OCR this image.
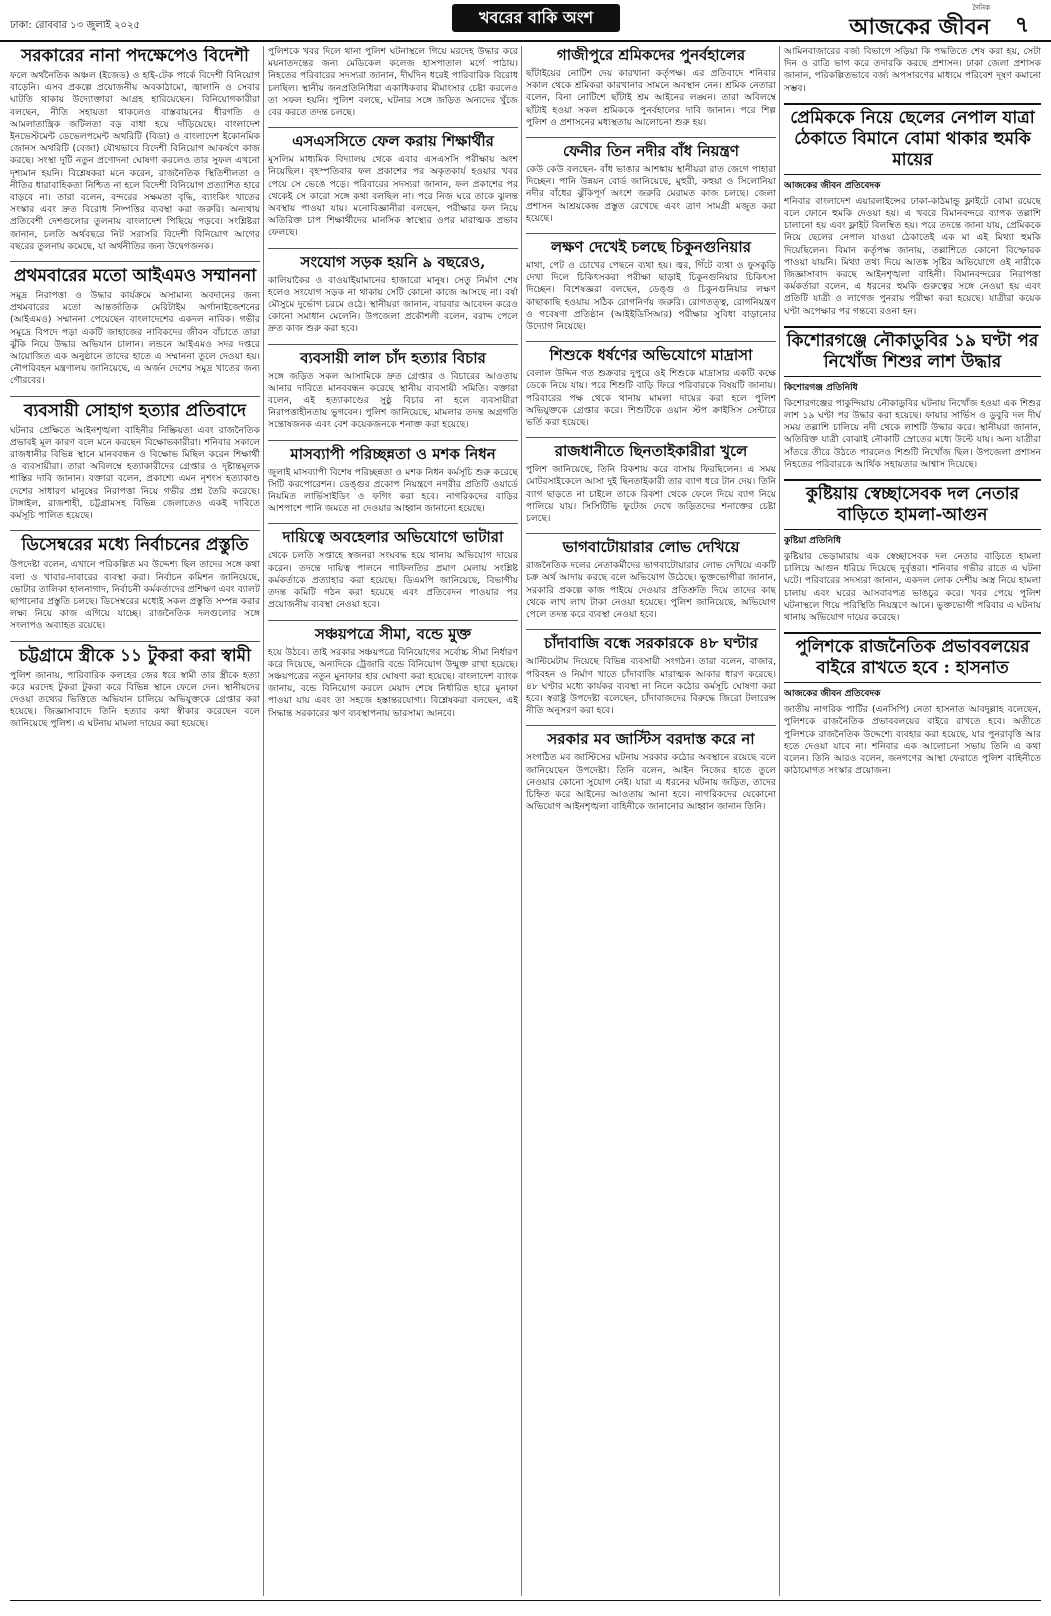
ঢাকা: রোববার ১৩ জুলাই ২০২৫	খবরের বাকি অংশ	দৈনিক
আজকের জীবন	৭
সরকারের নানা পদক্ষেপেও বিদেশী

ফলে অর্থনৈতিক অঞ্চল (ইজেড) ও হাই-টেক পার্কে বিদেশী বিনিয়োগ বাড়েনি। এসব প্রকল্পে প্রয়োজনীয় অবকাঠামো, জ্বালানি ও সেবার ঘাটতি থাকায় উদ্যোক্তারা আগ্রহ হারিয়েছেন। বিনিয়োগকারীরা বলছেন, নীতি সহায়তা থাকলেও বাস্তবায়নের ধীরগতি ও আমলাতান্ত্রিক জটিলতা বড় বাধা হয়ে দাঁড়িয়েছে। বাংলাদেশ ইনভেস্টমেন্ট ডেভেলপমেন্ট অথরিটি (বিডা) ও বাংলাদেশ ইকোনমিক জোনস অথরিটি (বেজা) যৌথভাবে বিদেশী বিনিয়োগ আকর্ষণে কাজ করছে। সংস্থা দুটি নতুন প্রণোদনা ঘোষণা করলেও তার সুফল এখনো দৃশ্যমান হয়নি। বিশ্লেষকরা মনে করেন, রাজনৈতিক স্থিতিশীলতা ও নীতির ধারাবাহিকতা নিশ্চিত না হলে বিদেশী বিনিয়োগ প্রত্যাশিত হারে বাড়বে না। তারা বলেন, বন্দরের সক্ষমতা বৃদ্ধি, ব্যাংকিং খাতের সংস্কার এবং দ্রুত বিরোধ নিষ্পত্তির ব্যবস্থা করা জরুরি। অন্যথায় প্রতিবেশী দেশগুলোর তুলনায় বাংলাদেশ পিছিয়ে পড়বে। সংশ্লিষ্টরা জানান, চলতি অর্থবছরে নিট সরাসরি বিদেশী বিনিয়োগ আগের বছরের তুলনায় কমেছে, যা অর্থনীতির জন্য উদ্বেগজনক।

প্রথমবারের মতো আইএমও সম্মাননা

সমুদ্র নিরাপত্তা ও উদ্ধার কার্যক্রমে অসামান্য অবদানের জন্য প্রথমবারের মতো আন্তর্জাতিক মেরিটাইম অর্গানাইজেশনের (আইএমও) সম্মাননা পেয়েছেন বাংলাদেশের একদল নাবিক। গভীর সমুদ্রে বিপদে পড়া একটি জাহাজের নাবিকদের জীবন বাঁচাতে তারা ঝুঁকি নিয়ে উদ্ধার অভিযান চালান। লন্ডনে আইএমও সদর দপ্তরে আয়োজিত এক অনুষ্ঠানে তাদের হাতে এ সম্মাননা তুলে দেওয়া হয়। নৌপরিবহন মন্ত্রণালয় জানিয়েছে, এ অর্জন দেশের সমুদ্র খাতের জন্য গৌরবের।

ব্যবসায়ী সোহাগ হত্যার প্রতিবাদে

ঘটনার প্রেক্ষিতে আইনশৃঙ্খলা বাহিনীর নিষ্ক্রিয়তা এবং রাজনৈতিক প্রভাবই মূল কারণ বলে মনে করছেন বিক্ষোভকারীরা। শনিবার সকালে রাজধানীর বিভিন্ন স্থানে মানববন্ধন ও বিক্ষোভ মিছিল করেন শিক্ষার্থী ও ব্যবসায়ীরা। তারা অবিলম্বে হত্যাকারীদের গ্রেপ্তার ও দৃষ্টান্তমূলক শাস্তির দাবি জানান। বক্তারা বলেন, প্রকাশ্যে এমন নৃশংস হত্যাকাণ্ড দেশের সাধারণ মানুষের নিরাপত্তা নিয়ে গভীর প্রশ্ন তৈরি করেছে। টাঙ্গাইল, রাজশাহী, চট্টগ্রামসহ বিভিন্ন জেলাতেও একই দাবিতে কর্মসূচি পালিত হয়েছে।

ডিসেম্বরের মধ্যে নির্বাচনের প্রস্তুতি

উপদেষ্টা বলেন, এখানে পরিকল্পিত মব উদ্দেশ্য ছিল তাদের সঙ্গে কথা বলা ও খাবার-দাবারের ব্যবস্থা করা। নির্বাচন কমিশন জানিয়েছে, ভোটার তালিকা হালনাগাদ, নির্বাচনী কর্মকর্তাদের প্রশিক্ষণ এবং ব্যালট ছাপানোর প্রস্তুতি চলছে। ডিসেম্বরের মধ্যেই সকল প্রস্তুতি সম্পন্ন করার লক্ষ্য নিয়ে কাজ এগিয়ে যাচ্ছে। রাজনৈতিক দলগুলোর সঙ্গে সংলাপও অব্যাহত রয়েছে।

চট্টগ্রামে স্ত্রীকে ১১ টুকরা করা স্বামী

পুলিশ জানায়, পারিবারিক কলহের জের ধরে স্বামী তার স্ত্রীকে হত্যা করে মরদেহ টুকরা টুকরা করে বিভিন্ন স্থানে ফেলে দেন। স্থানীয়দের দেওয়া তথ্যের ভিত্তিতে অভিযান চালিয়ে অভিযুক্তকে গ্রেপ্তার করা হয়েছে। জিজ্ঞাসাবাদে তিনি হত্যার কথা স্বীকার করেছেন বলে জানিয়েছে পুলিশ। এ ঘটনায় মামলা দায়ের করা হয়েছে।

পুলিশকে খবর দিলে থানা পুলিশ ঘটনাস্থলে গিয়ে মরদেহ উদ্ধার করে ময়নাতদন্তের জন্য মেডিকেল কলেজ হাসপাতাল মর্গে পাঠায়। নিহতের পরিবারের সদস্যরা জানান, দীর্ঘদিন ধরেই পারিবারিক বিরোধ চলছিল। স্থানীয় জনপ্রতিনিধিরা একাধিকবার মীমাংসার চেষ্টা করলেও তা সফল হয়নি। পুলিশ বলছে, ঘটনার সঙ্গে জড়িত অন্যদের খুঁজে বের করতে তদন্ত চলছে।

এসএসসিতে ফেল করায় শিক্ষার্থীর

মুসলিম মাধ্যমিক বিদ্যালয় থেকে এবার এসএসসি পরীক্ষায় অংশ নিয়েছিল। বৃহস্পতিবার ফল প্রকাশের পর অকৃতকার্য হওয়ার খবর পেয়ে সে ভেঙে পড়ে। পরিবারের সদস্যরা জানান, ফল প্রকাশের পর থেকেই সে কারো সঙ্গে কথা বলছিল না। পরে নিজ ঘরে তাকে ঝুলন্ত অবস্থায় পাওয়া যায়। মনোবিজ্ঞানীরা বলছেন, পরীক্ষার ফল নিয়ে অতিরিক্ত চাপ শিক্ষার্থীদের মানসিক স্বাস্থ্যের ওপর মারাত্মক প্রভাব ফেলছে।

সংযোগ সড়ক হয়নি ৯ বছরেও,

কালিয়াকৈর ও বাওয়াইয়ামানের হাজারো মানুষ। সেতু নির্মাণ শেষ হলেও সংযোগ সড়ক না থাকায় সেটি কোনো কাজে আসছে না। বর্ষা মৌসুমে দুর্ভোগ চরমে ওঠে। স্থানীয়রা জানান, বারবার আবেদন করেও কোনো সমাধান মেলেনি। উপজেলা প্রকৌশলী বলেন, বরাদ্দ পেলে দ্রুত কাজ শুরু করা হবে।

ব্যবসায়ী লাল চাঁদ হত্যার বিচার

সঙ্গে জড়িত সকল আসামিকে দ্রুত গ্রেপ্তার ও বিচারের আওতায় আনার দাবিতে মানববন্ধন করেছে স্থানীয় ব্যবসায়ী সমিতি। বক্তারা বলেন, এই হত্যাকাণ্ডের সুষ্ঠু বিচার না হলে ব্যবসায়ীরা নিরাপত্তাহীনতায় ভুগবেন। পুলিশ জানিয়েছে, মামলার তদন্ত অগ্রগতি সন্তোষজনক এবং বেশ কয়েকজনকে শনাক্ত করা হয়েছে।

মাসব্যাপী পরিচ্ছন্নতা ও মশক নিধন

জুলাই মাসব্যাপী বিশেষ পরিচ্ছন্নতা ও মশক নিধন কর্মসূচি শুরু করেছে সিটি করপোরেশন। ডেঙ্গুর প্রকোপ নিয়ন্ত্রণে নগরীর প্রতিটি ওয়ার্ডে নিয়মিত লার্ভিসাইডিং ও ফগিং করা হবে। নাগরিকদের বাড়ির আশপাশে পানি জমতে না দেওয়ার আহ্বান জানানো হয়েছে।

দায়িত্বে অবহেলার অভিযোগে ভাটারা

থেকে চলতি সপ্তাহে স্বজনরা সংঘবদ্ধ হয়ে থানায় অভিযোগ দায়ের করেন। তদন্তে দায়িত্ব পালনে গাফিলতির প্রমাণ মেলায় সংশ্লিষ্ট কর্মকর্তাকে প্রত্যাহার করা হয়েছে। ডিএমপি জানিয়েছে, বিভাগীয় তদন্ত কমিটি গঠন করা হয়েছে এবং প্রতিবেদন পাওয়ার পর প্রয়োজনীয় ব্যবস্থা নেওয়া হবে।

সঞ্চয়পত্রে সীমা, বন্ডে মুক্ত

হয়ে উঠবে। তাই সরকার সঞ্চয়পত্রে বিনিয়োগের সর্বোচ্চ সীমা নির্ধারণ করে দিয়েছে, অন্যদিকে ট্রেজারি বন্ডে বিনিয়োগ উন্মুক্ত রাখা হয়েছে। সঞ্চয়পত্রের নতুন মুনাফার হার ঘোষণা করা হয়েছে। বাংলাদেশ ব্যাংক জানায়, বন্ডে বিনিয়োগ করলে মেয়াদ শেষে নির্ধারিত হারে মুনাফা পাওয়া যায় এবং তা সহজে হস্তান্তরযোগ্য। বিশ্লেষকরা বলছেন, এই সিদ্ধান্ত সরকারের ঋণ ব্যবস্থাপনায় ভারসাম্য আনবে।

গাজীপুরে শ্রমিকদের পুনর্বহালের

ছাঁটাইয়ের নোটিশ দেয় কারখানা কর্তৃপক্ষ। এর প্রতিবাদে শনিবার সকাল থেকে শ্রমিকরা কারখানার সামনে অবস্থান নেন। শ্রমিক নেতারা বলেন, বিনা নোটিশে ছাঁটাই শ্রম আইনের লঙ্ঘন। তারা অবিলম্বে ছাঁটাই হওয়া সকল শ্রমিককে পুনর্বহালের দাবি জানান। পরে শিল্প পুলিশ ও প্রশাসনের মধ্যস্থতায় আলোচনা শুরু হয়।

ফেনীর তিন নদীর বাঁধ নিয়ন্ত্রণ

কেউ কেউ বলছেন- বাঁধ ভাঙার আশঙ্কায় স্থানীয়রা রাত জেগে পাহারা দিচ্ছেন। পানি উন্নয়ন বোর্ড জানিয়েছে, মুহুরী, কহুয়া ও সিলোনিয়া নদীর বাঁধের ঝুঁকিপূর্ণ অংশে জরুরি মেরামত কাজ চলছে। জেলা প্রশাসন আশ্রয়কেন্দ্র প্রস্তুত রেখেছে এবং ত্রাণ সামগ্রী মজুত করা হয়েছে।

লক্ষণ দেখেই চলছে চিকুনগুনিয়ার

মাথা, পেট ও চোখের পেছনে ব্যথা হয়। জ্বর, গিঁটে ব্যথা ও ফুসকুড়ি দেখা দিলে চিকিৎসকরা পরীক্ষা ছাড়াই চিকুনগুনিয়ার চিকিৎসা দিচ্ছেন। বিশেষজ্ঞরা বলছেন, ডেঙ্গু ও চিকুনগুনিয়ার লক্ষণ কাছাকাছি হওয়ায় সঠিক রোগনির্ণয় জরুরি। রোগতত্ত্ব, রোগনিয়ন্ত্রণ ও গবেষণা প্রতিষ্ঠান (আইইডিসিআর) পরীক্ষার সুবিধা বাড়ানোর উদ্যোগ নিয়েছে।

শিশুকে ধর্ষণের অভিযোগে মাদ্রাসা

বেলাল উদ্দিন গত শুক্রবার দুপুরে ওই শিশুকে মাদ্রাসার একটি কক্ষে ডেকে নিয়ে যায়। পরে শিশুটি বাড়ি ফিরে পরিবারকে বিষয়টি জানায়। পরিবারের পক্ষ থেকে থানায় মামলা দায়ের করা হলে পুলিশ অভিযুক্তকে গ্রেপ্তার করে। শিশুটিকে ওয়ান স্টপ ক্রাইসিস সেন্টারে ভর্তি করা হয়েছে।

রাজধানীতে ছিনতাইকারীরা খুলে

পুলিশ জানিয়েছে, তিনি রিকশায় করে বাসায় ফিরছিলেন। এ সময় মোটরসাইকেলে আসা দুই ছিনতাইকারী তার ব্যাগ ধরে টান দেয়। তিনি ব্যাগ ছাড়তে না চাইলে তাকে রিকশা থেকে ফেলে দিয়ে ব্যাগ নিয়ে পালিয়ে যায়। সিসিটিভি ফুটেজ দেখে জড়িতদের শনাক্তের চেষ্টা চলছে।

ভাগবাটোয়ারার লোভ দেখিয়ে

রাজনৈতিক দলের নেতাকর্মীদের ভাগবাটোয়ারার লোভ দেখিয়ে একটি চক্র অর্থ আদায় করছে বলে অভিযোগ উঠেছে। ভুক্তভোগীরা জানান, সরকারি প্রকল্পে কাজ পাইয়ে দেওয়ার প্রতিশ্রুতি দিয়ে তাদের কাছ থেকে লাখ লাখ টাকা নেওয়া হয়েছে। পুলিশ জানিয়েছে, অভিযোগ পেলে তদন্ত করে ব্যবস্থা নেওয়া হবে।

চাঁদাবাজি বন্ধে সরকারকে ৪৮ ঘণ্টার

আল্টিমেটাম দিয়েছে বিভিন্ন ব্যবসায়ী সংগঠন। তারা বলেন, বাজার, পরিবহন ও নির্মাণ খাতে চাঁদাবাজি মারাত্মক আকার ধারণ করেছে। ৪৮ ঘণ্টার মধ্যে কার্যকর ব্যবস্থা না নিলে কঠোর কর্মসূচি ঘোষণা করা হবে। স্বরাষ্ট্র উপদেষ্টা বলেছেন, চাঁদাবাজদের বিরুদ্ধে জিরো টলারেন্স নীতি অনুসরণ করা হবে।

সরকার মব জাস্টিস বরদাস্ত করে না

সংগঠিত মব জাস্টিসের ঘটনায় সরকার কঠোর অবস্থানে রয়েছে বলে জানিয়েছেন উপদেষ্টা। তিনি বলেন, আইন নিজের হাতে তুলে নেওয়ার কোনো সুযোগ নেই। যারা এ ধরনের ঘটনায় জড়িত, তাদের চিহ্নিত করে আইনের আওতায় আনা হবে। নাগরিকদের যেকোনো অভিযোগ আইনশৃঙ্খলা বাহিনীকে জানানোর আহ্বান জানান তিনি।

আমিনবাজারের বর্জ্য বিভাগে সড়িয়া কি পদ্ধতিতে শেষ করা হয়, সেটা দিন ও রাত্রি ভাগ করে তদারকি করছে প্রশাসন। ঢাকা জেলা প্রশাসক জানান, পরিকল্পিতভাবে বর্জ্য অপসারণের মাধ্যমে পরিবেশ দূষণ কমানো সম্ভব।

প্রেমিককে নিয়ে ছেলের নেপাল যাত্রা ঠেকাতে বিমানে বোমা থাকার হুমকি মায়ের
আজকের জীবন প্রতিবেদক

শনিবার বাংলাদেশ এয়ারলাইন্সের ঢাকা-কাঠমান্ডু ফ্লাইটে বোমা রয়েছে বলে ফোনে হুমকি দেওয়া হয়। এ খবরে বিমানবন্দরে ব্যাপক তল্লাশি চালানো হয় এবং ফ্লাইট বিলম্বিত হয়। পরে তদন্তে জানা যায়, প্রেমিককে নিয়ে ছেলের নেপাল যাওয়া ঠেকাতেই এক মা এই মিথ্যা হুমকি দিয়েছিলেন। বিমান কর্তৃপক্ষ জানায়, তল্লাশিতে কোনো বিস্ফোরক পাওয়া যায়নি। মিথ্যা তথ্য দিয়ে আতঙ্ক সৃষ্টির অভিযোগে ওই নারীকে জিজ্ঞাসাবাদ করছে আইনশৃঙ্খলা বাহিনী। বিমানবন্দরের নিরাপত্তা কর্মকর্তারা বলেন, এ ধরনের হুমকি গুরুত্বের সঙ্গে নেওয়া হয় এবং প্রতিটি যাত্রী ও লাগেজ পুনরায় পরীক্ষা করা হয়েছে। যাত্রীরা কয়েক ঘণ্টা অপেক্ষার পর গন্তব্যে রওনা হন।

কিশোরগঞ্জে নৌকাডুবির ১৯ ঘণ্টা পর নিখোঁজ শিশুর লাশ উদ্ধার
কিশোরগঞ্জ প্রতিনিধি

কিশোরগঞ্জের পাকুন্দিয়ায় নৌকাডুবির ঘটনায় নিখোঁজ হওয়া এক শিশুর লাশ ১৯ ঘণ্টা পর উদ্ধার করা হয়েছে। ফায়ার সার্ভিস ও ডুবুরি দল দীর্ঘ সময় তল্লাশি চালিয়ে নদী থেকে লাশটি উদ্ধার করে। স্থানীয়রা জানান, অতিরিক্ত যাত্রী বোঝাই নৌকাটি স্রোতের মধ্যে উল্টে যায়। অন্য যাত্রীরা সাঁতরে তীরে উঠতে পারলেও শিশুটি নিখোঁজ ছিল। উপজেলা প্রশাসন নিহতের পরিবারকে আর্থিক সহায়তার আশ্বাস দিয়েছে।

কুষ্টিয়ায় স্বেচ্ছাসেবক দল নেতার বাড়িতে হামলা-আগুন
কুষ্টিয়া প্রতিনিধি

কুষ্টিয়ার ভেড়ামারায় এক স্বেচ্ছাসেবক দল নেতার বাড়িতে হামলা চালিয়ে আগুন ধরিয়ে দিয়েছে দুর্বৃত্তরা। শনিবার গভীর রাতে এ ঘটনা ঘটে। পরিবারের সদস্যরা জানান, একদল লোক দেশীয় অস্ত্র নিয়ে হামলা চালায় এবং ঘরের আসবাবপত্র ভাঙচুর করে। খবর পেয়ে পুলিশ ঘটনাস্থলে গিয়ে পরিস্থিতি নিয়ন্ত্রণে আনে। ভুক্তভোগী পরিবার এ ঘটনায় থানায় অভিযোগ দায়ের করেছে।

পুলিশকে রাজনৈতিক প্রভাববলয়ের বাইরে রাখতে হবে : হাসনাত
আজকের জীবন প্রতিবেদক

জাতীয় নাগরিক পার্টির (এনসিপি) নেতা হাসনাত আবদুল্লাহ বলেছেন, পুলিশকে রাজনৈতিক প্রভাববলয়ের বাইরে রাখতে হবে। অতীতে পুলিশকে রাজনৈতিক উদ্দেশ্যে ব্যবহার করা হয়েছে, যার পুনরাবৃত্তি আর হতে দেওয়া যাবে না। শনিবার এক আলোচনা সভায় তিনি এ কথা বলেন। তিনি আরও বলেন, জনগণের আস্থা ফেরাতে পুলিশ বাহিনীতে কাঠামোগত সংস্কার প্রয়োজন।
